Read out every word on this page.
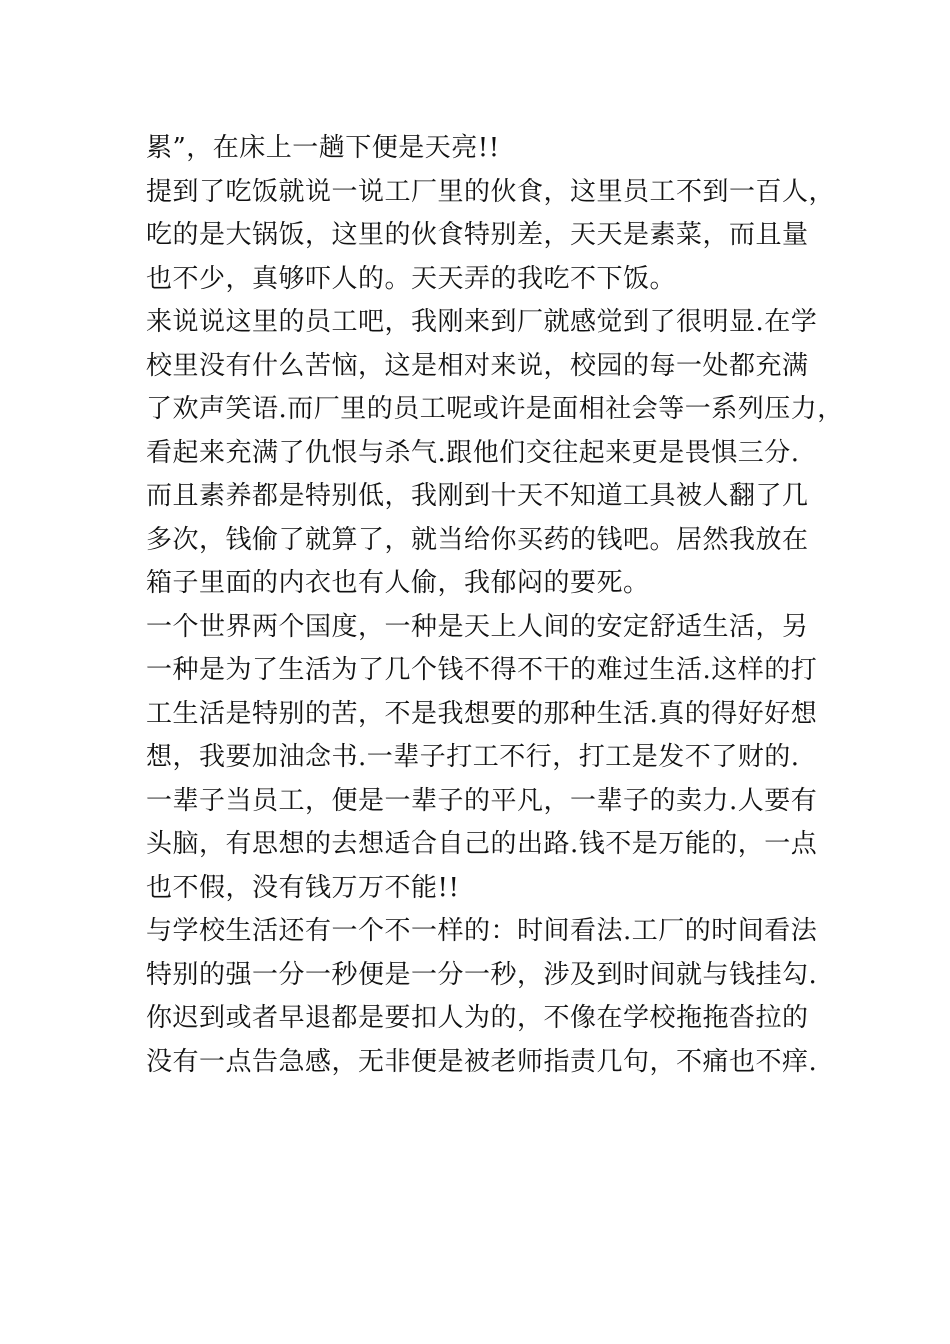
累”，在床上一趟下便是天亮!!
提到了吃饭就说一说工厂里的伙食，这里员工不到一百人，
吃的是大锅饭，这里的伙食特别差，天天是素菜，而且量
也不少，真够吓人的。天天弄的我吃不下饭。
来说说这里的员工吧，我刚来到厂就感觉到了很明显.在学
校里没有什么苦恼，这是相对来说，校园的每一处都充满
了欢声笑语.而厂里的员工呢或许是面相社会等一系列压力，
看起来充满了仇恨与杀气.跟他们交往起来更是畏惧三分.
而且素养都是特别低，我刚到十天不知道工具被人翻了几
多次，钱偷了就算了，就当给你买药的钱吧。居然我放在
箱子里面的内衣也有人偷，我郁闷的要死。
一个世界两个国度，一种是天上人间的安定舒适生活，另
一种是为了生活为了几个钱不得不干的难过生活.这样的打
工生活是特别的苦，不是我想要的那种生活.真的得好好想
想，我要加油念书.一辈子打工不行，打工是发不了财的.
一辈子当员工，便是一辈子的平凡，一辈子的卖力.人要有
头脑，有思想的去想适合自己的出路.钱不是万能的，一点
也不假，没有钱万万不能!!
与学校生活还有一个不一样的：时间看法.工厂的时间看法
特别的强一分一秒便是一分一秒，涉及到时间就与钱挂勾.
你迟到或者早退都是要扣人为的，不像在学校拖拖沓拉的
没有一点告急感，无非便是被老师指责几句，不痛也不痒.
